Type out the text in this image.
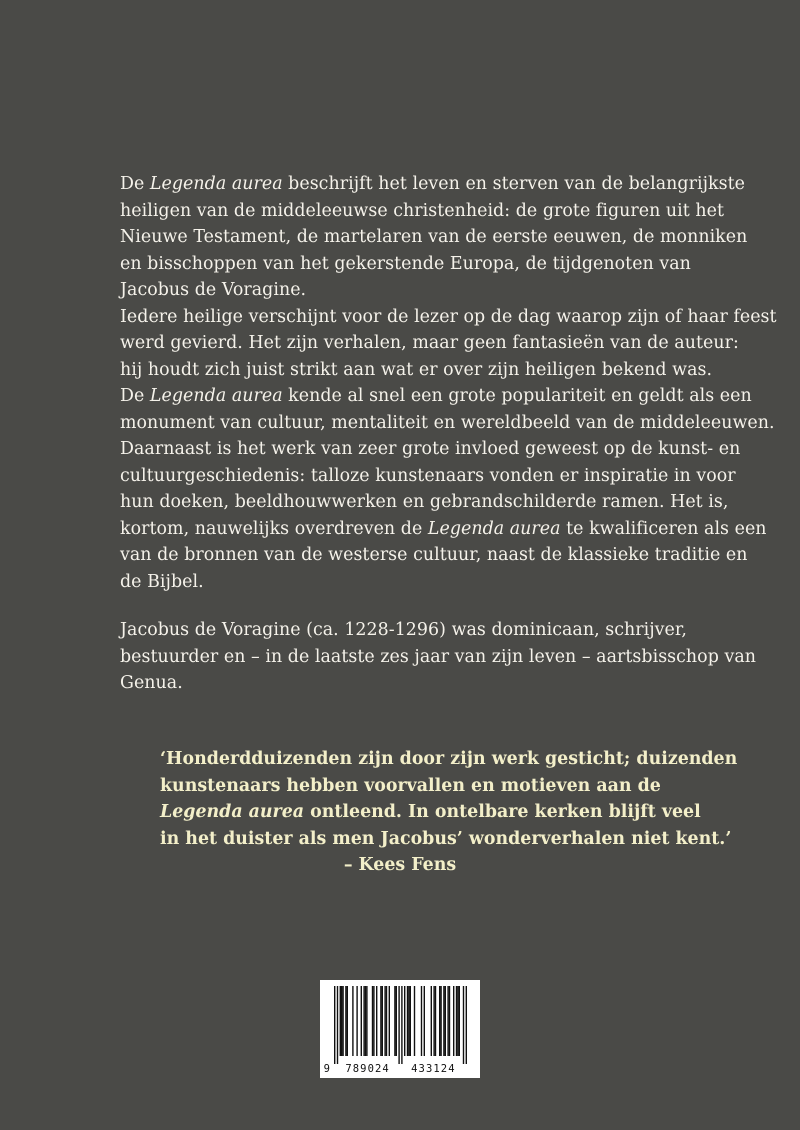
De Legenda aurea beschrijft het leven en sterven van de belangrijkste
heiligen van de middeleeuwse christenheid: de grote figuren uit het
Nieuwe Testament, de martelaren van de eerste eeuwen, de monniken
en bisschoppen van het gekerstende Europa, de tijdgenoten van
Jacobus de Voragine.

Iedere heilige verschijnt voor de lezer op de dag waarop zijn of haar feest
werd gevierd. Het zijn verhalen, maar geen fantasieën van de auteur:
hij houdt zich juist strikt aan wat er over zijn heiligen bekend was.

De Legenda aurea kende al snel een grote populariteit en geldt als een
monument van cultuur, mentaliteit en wereldbeeld van de middeleeuwen.

Daarnaast is het werk van zeer grote invloed geweest op de kunst- en
cultuurgeschiedenis: talloze kunstenaars vonden er inspiratie in voor
hun doeken, beeldhouwwerken en gebrandschilderde ramen. Het is,
kortom, nauwelijks overdreven de Legenda aurea te kwalificeren als een
van de bronnen van de westerse cultuur, naast de klassieke traditie en
de Bijbel.

Jacobus de Voragine (ca. 1228-1296) was dominicaan, schrijver,
bestuurder en – in de laatste zes jaar van zijn leven – aartsbisschop van
Genua.

‘Honderdduizenden zijn door zijn werk gesticht; duizenden
kunstenaars hebben voorvallen en motieven aan de
Legenda aurea ontleend. In ontelbare kerken blijft veel
in het duister als men Jacobus’ wonderverhalen niet kent.’
– Kees Fens
9 789024 433124
